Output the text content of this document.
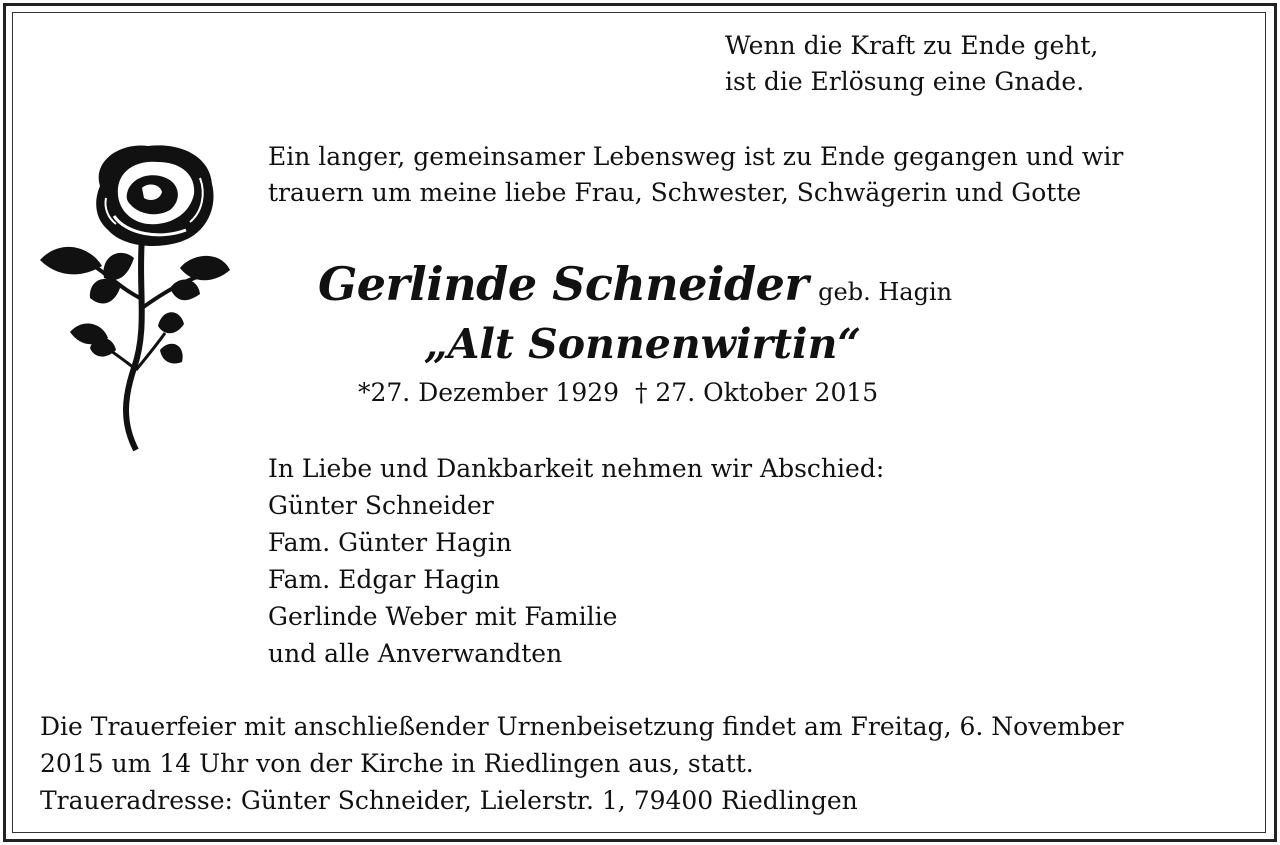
Wenn die Kraft zu Ende geht,
ist die Erlösung eine Gnade.
Ein langer, gemeinsamer Lebensweg ist zu Ende gegangen und wir
trauern um meine liebe Frau, Schwester, Schwägerin und Gotte
Gerlinde Schneider geb. Hagin
„Alt Sonnenwirtin“
*27. Dezember 1929 † 27. Oktober 2015
In Liebe und Dankbarkeit nehmen wir Abschied:
Günter Schneider
Fam. Günter Hagin
Fam. Edgar Hagin
Gerlinde Weber mit Familie
und alle Anverwandten
Die Trauerfeier mit anschließender Urnenbeisetzung findet am Freitag, 6. November
2015 um 14 Uhr von der Kirche in Riedlingen aus, statt.
Traueradresse: Günter Schneider, Lielerstr. 1, 79400 Riedlingen
